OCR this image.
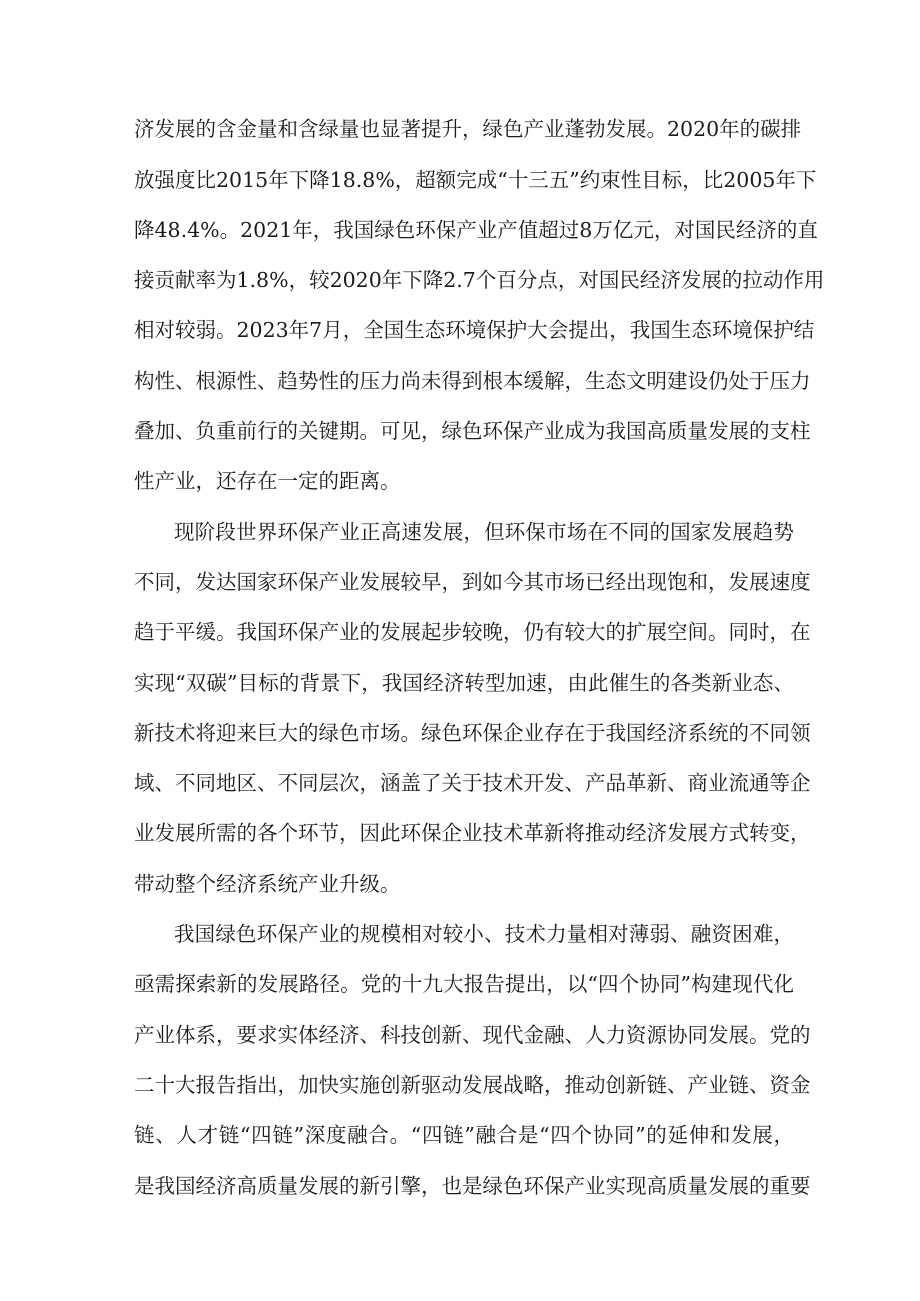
济发展的含金量和含绿量也显著提升，绿色产业蓬勃发展。2020年的碳排
放强度比2015年下降18.8%，超额完成“十三五”约束性目标，比2005年下
降48.4%。2021年，我国绿色环保产业产值超过8万亿元，对国民经济的直
接贡献率为1.8%，较2020年下降2.7个百分点，对国民经济发展的拉动作用
相对较弱。2023年7月，全国生态环境保护大会提出，我国生态环境保护结
构性、根源性、趋势性的压力尚未得到根本缓解，生态文明建设仍处于压力
叠加、负重前行的关键期。可见，绿色环保产业成为我国高质量发展的支柱
性产业，还存在一定的距离。
现阶段世界环保产业正高速发展，但环保市场在不同的国家发展趋势
不同，发达国家环保产业发展较早，到如今其市场已经出现饱和，发展速度
趋于平缓。我国环保产业的发展起步较晚，仍有较大的扩展空间。同时，在
实现“双碳”目标的背景下，我国经济转型加速，由此催生的各类新业态、
新技术将迎来巨大的绿色市场。绿色环保企业存在于我国经济系统的不同领
域、不同地区、不同层次，涵盖了关于技术开发、产品革新、商业流通等企
业发展所需的各个环节，因此环保企业技术革新将推动经济发展方式转变，
带动整个经济系统产业升级。
我国绿色环保产业的规模相对较小、技术力量相对薄弱、融资困难，
亟需探索新的发展路径。党的十九大报告提出，以“四个协同”构建现代化
产业体系，要求实体经济、科技创新、现代金融、人力资源协同发展。党的
二十大报告指出，加快实施创新驱动发展战略，推动创新链、产业链、资金
链、人才链“四链”深度融合。“四链”融合是“四个协同”的延伸和发展，
是我国经济高质量发展的新引擎，也是绿色环保产业实现高质量发展的重要
